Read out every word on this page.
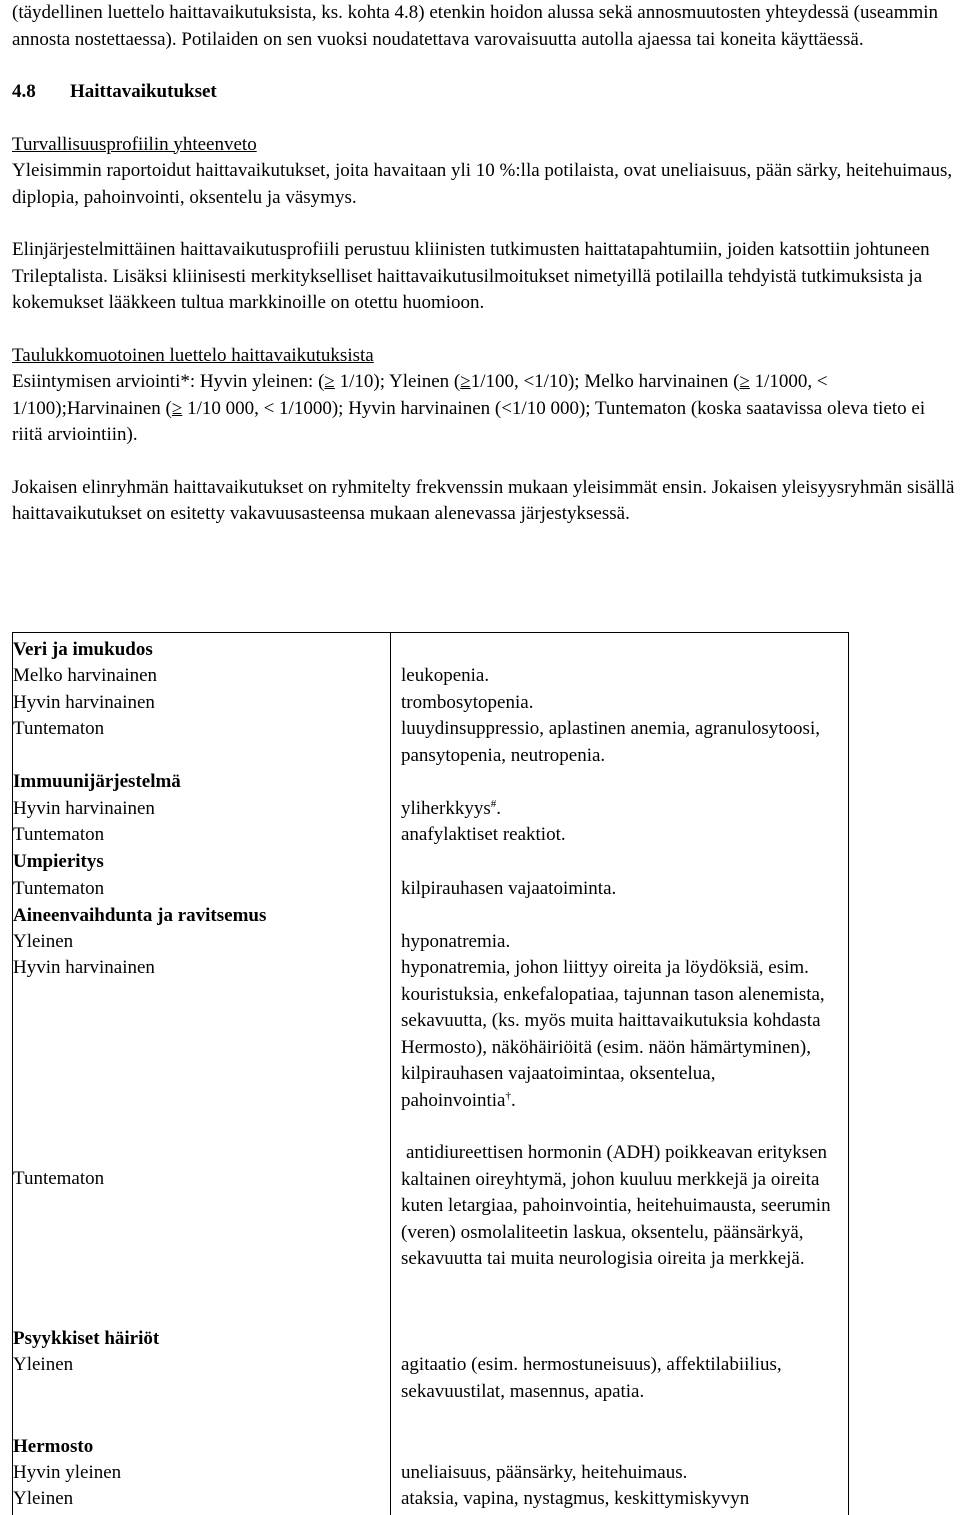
(täydellinen luettelo haittavaikutuksista, ks. kohta 4.8) etenkin hoidon alussa sekä annosmuutosten yhteydessä (useammin annosta nostettaessa). Potilaiden on sen vuoksi noudatettava varovaisuutta autolla ajaessa tai koneita käyttäessä.

4.8 Haittavaikutukset

Turvallisuusprofiilin yhteenveto

Yleisimmin raportoidut haittavaikutukset, joita havaitaan yli 10 %:lla potilaista, ovat uneliaisuus, pään särky, heitehuimaus, diplopia, pahoinvointi, oksentelu ja väsymys.

Elinjärjestelmittäinen haittavaikutusprofiili perustuu kliinisten tutkimusten haittatapahtumiin, joiden katsottiin johtuneen Trileptalista. Lisäksi kliinisesti merkitykselliset haittavaikutusilmoitukset nimetyillä potilailla tehdyistä tutkimuksista ja kokemukset lääkkeen tultua markkinoille on otettu huomioon.

Taulukkomuotoinen luettelo haittavaikutuksista

Esiintymisen arviointi*: Hyvin yleinen: (≥ 1/10); Yleinen (≥1/100, <1/10); Melko harvinainen (≥ 1/1000, < 1/100);Harvinainen (≥ 1/10 000, < 1/1000); Hyvin harvinainen (<1/10 000); Tuntematon (koska saatavissa oleva tieto ei riitä arviointiin).

Jokaisen elinryhmän haittavaikutukset on ryhmitelty frekvenssin mukaan yleisimmät ensin. Jokaisen yleisyysryhmän sisällä haittavaikutukset on esitetty vakavuusasteensa mukaan alenevassa järjestyksessä.

Veri ja imukudos
Melko harvinainen
Hyvin harvinainen
Tuntematon
leukopenia.
trombosytopenia.
luuydinsuppressio, aplastinen anemia, agranulosytoosi, pansytopenia, neutropenia.
Immuunijärjestelmä
Hyvin harvinainen
Tuntematon
yliherkkyys#.
anafylaktiset reaktiot.
Umpieritys
Tuntematon	kilpirauhasen vajaatoiminta.
Aineenvaihdunta ja ravitsemus
Yleinen
Hyvin harvinainen
Tuntematon
hyponatremia.
hyponatremia, johon liittyy oireita ja löydöksiä, esim. kouristuksia, enkefalopatiaa, tajunnan tason alenemista, sekavuutta, (ks. myös muita haittavaikutuksia kohdasta Hermosto), näköhäiriöitä (esim. näön hämärtyminen), kilpirauhasen vajaatoimintaa, oksentelua, pahoinvointia†.
antidiureettisen hormonin (ADH) poikkeavan erityksen kaltainen oireyhtymä, johon kuuluu merkkejä ja oireita kuten letargiaa, pahoinvointia, heitehuimausta, seerumin (veren) osmolaliteetin laskua, oksentelu, päänsärkyä, sekavuutta tai muita neurologisia oireita ja merkkejä.
Psyykkiset häiriöt
Yleinen	agitaatio (esim. hermostuneisuus), affektilabiilius, sekavuustilat, masennus, apatia.
Hermosto
Hyvin yleinen
Yleinen
uneliaisuus, päänsärky, heitehuimaus.
ataksia, vapina, nystagmus, keskittymiskyvyn
